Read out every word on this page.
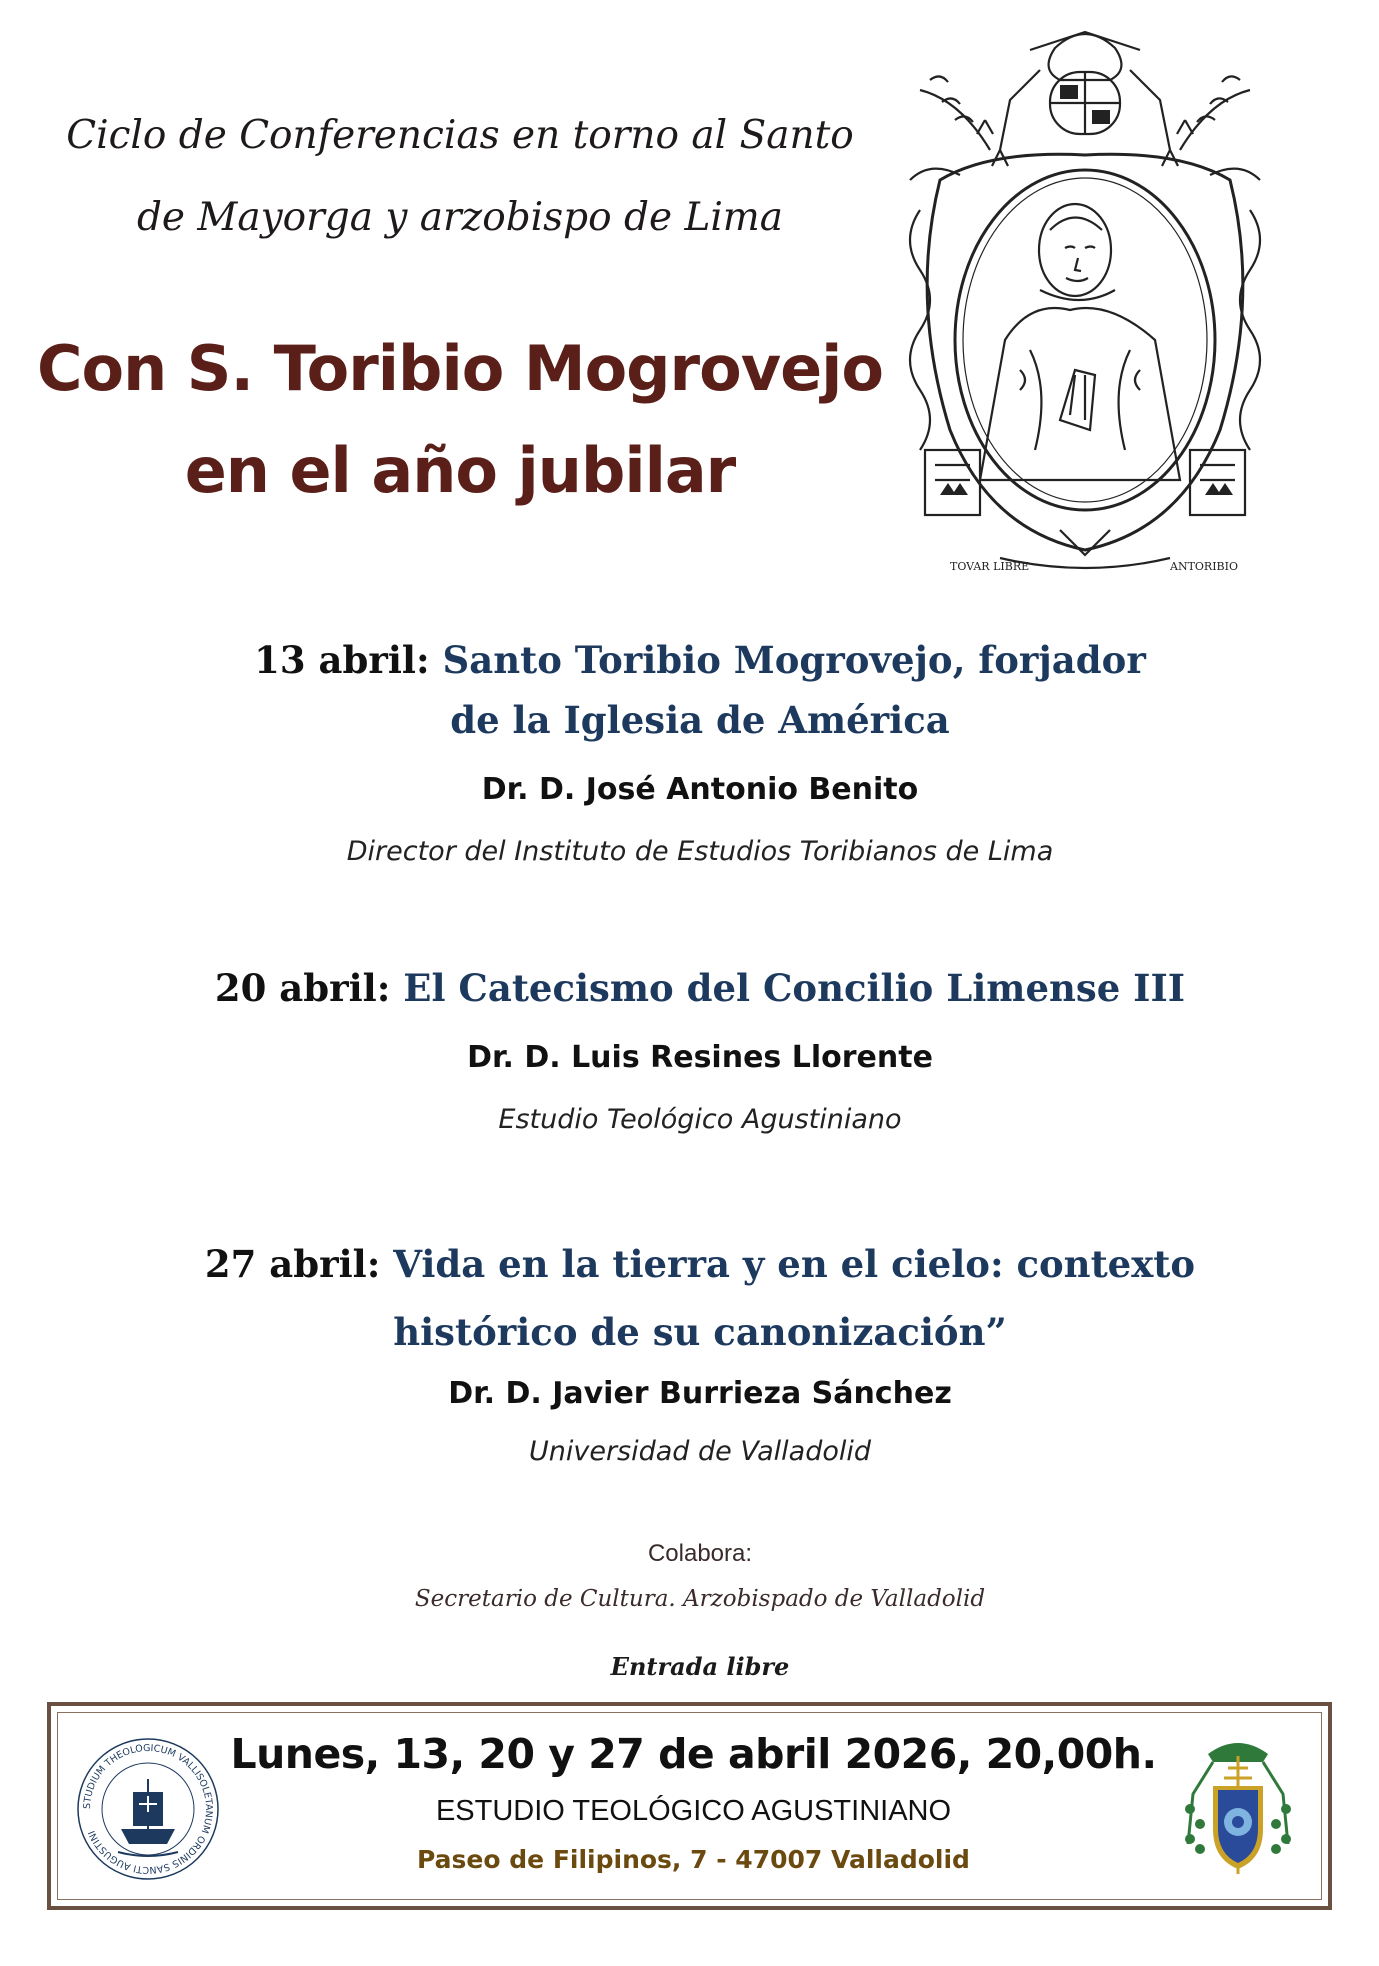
Ciclo de Conferencias en torno al Santo
de Mayorga y arzobispo de Lima
Con S. Toribio Mogrovejo
en el año jubilar
TOVAR LIBRE	ANTORIBIO
13 abril: Santo Toribio Mogrovejo, forjador
de la Iglesia de América
Dr. D. José Antonio Benito
Director del Instituto de Estudios Toribianos de Lima
20 abril: El Catecismo del Concilio Limense III
Dr. D. Luis Resines Llorente
Estudio Teológico Agustiniano
27 abril: Vida en la tierra y en el cielo: contexto
histórico de su canonización”
Dr. D. Javier Burrieza Sánchez
Universidad de Valladolid
Colabora:
Secretario de Cultura. Arzobispado de Valladolid
Entrada libre
STUDIUM THEOLOGICUM VALLISOLETANUM ORDINIS SANCTI AUGUSTINI
Lunes, 13, 20 y 27 de abril 2026, 20,00h.
ESTUDIO TEOLÓGICO AGUSTINIANO
Paseo de Filipinos, 7 - 47007 Valladolid
